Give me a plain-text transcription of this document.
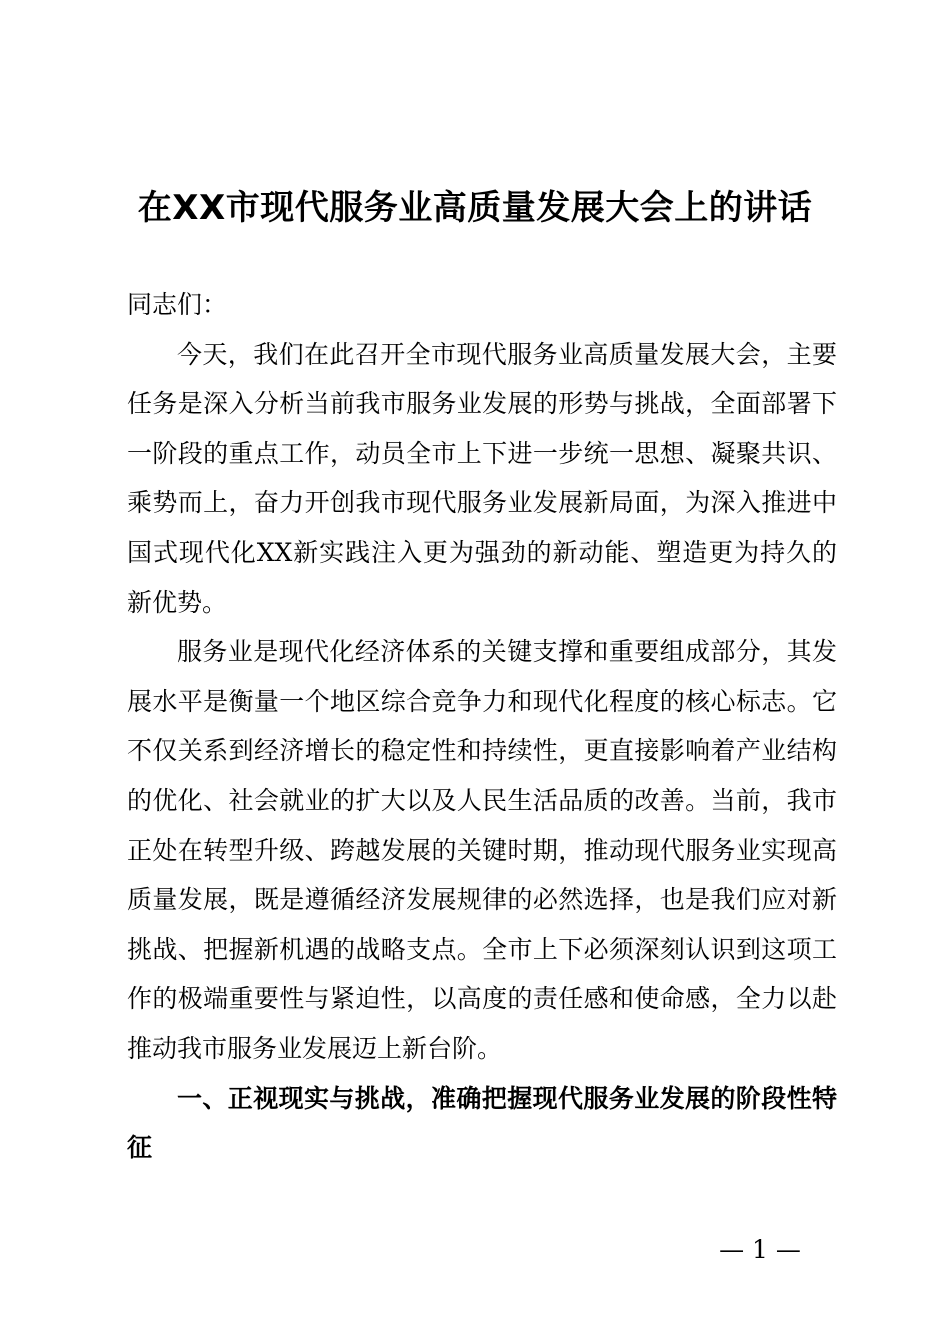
在XX市现代服务业高质量发展大会上的讲话

同志们：

今天，我们在此召开全市现代服务业高质量发展大会，主要任务是深入分析当前我市服务业发展的形势与挑战，全面部署下一阶段的重点工作，动员全市上下进一步统一思想、凝聚共识、乘势而上，奋力开创我市现代服务业发展新局面，为深入推进中国式现代化XX新实践注入更为强劲的新动能、塑造更为持久的新优势。

服务业是现代化经济体系的关键支撑和重要组成部分，其发展水平是衡量一个地区综合竞争力和现代化程度的核心标志。它不仅关系到经济增长的稳定性和持续性，更直接影响着产业结构的优化、社会就业的扩大以及人民生活品质的改善。当前，我市正处在转型升级、跨越发展的关键时期，推动现代服务业实现高质量发展，既是遵循经济发展规律的必然选择，也是我们应对新挑战、把握新机遇的战略支点。全市上下必须深刻认识到这项工作的极端重要性与紧迫性，以高度的责任感和使命感，全力以赴推动我市服务业发展迈上新台阶。

一、正视现实与挑战，准确把握现代服务业发展的阶段性特征

— 1 —
